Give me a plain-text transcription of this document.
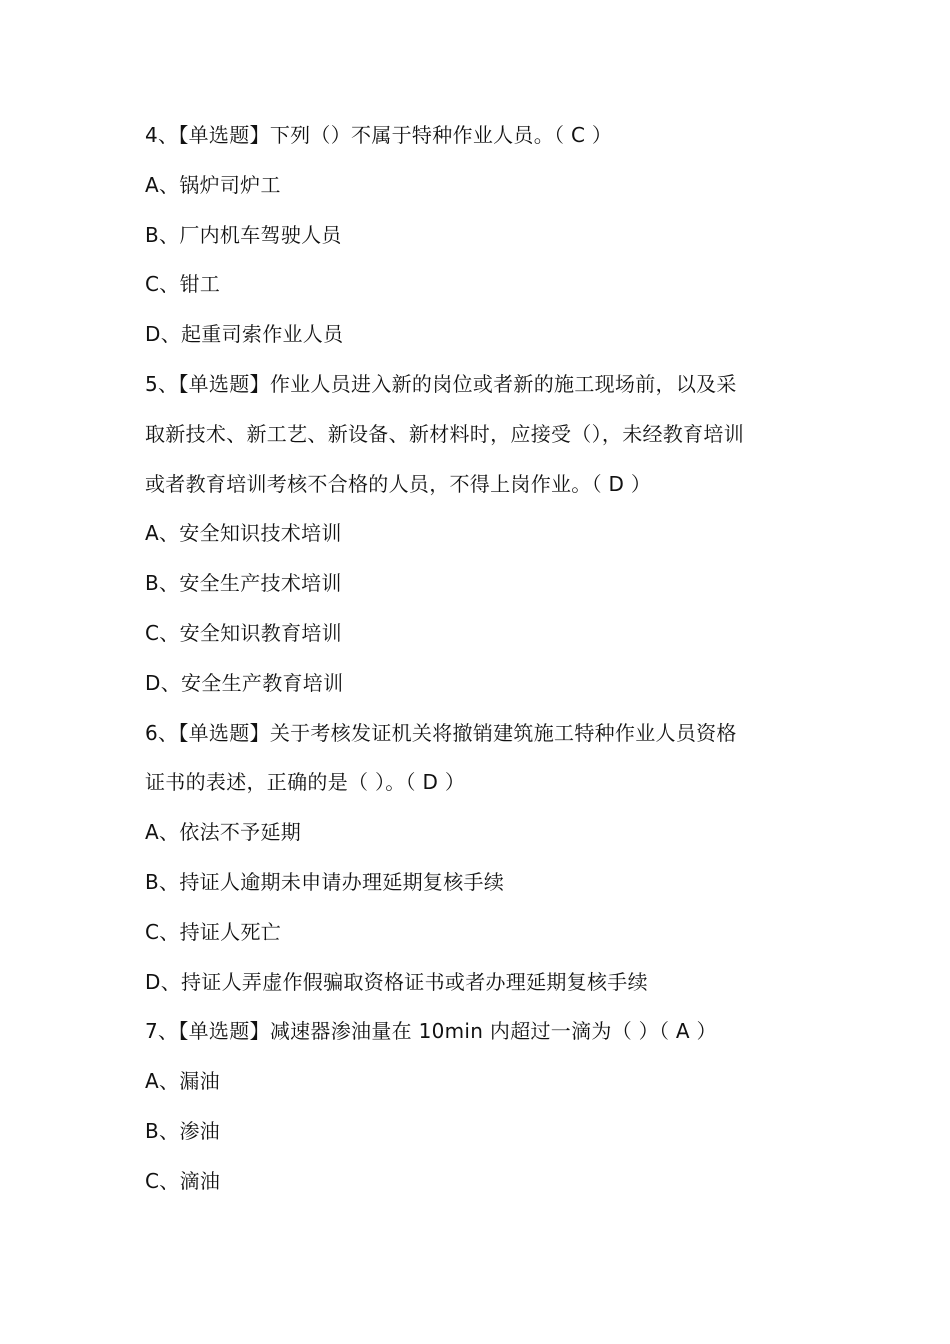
4、【单选题】下列（）不属于特种作业人员。（ C ）
A、锅炉司炉工
B、厂内机车驾驶人员
C、钳工
D、起重司索作业人员
5、【单选题】作业人员进入新的岗位或者新的施工现场前，以及采
取新技术、新工艺、新设备、新材料时，应接受（），未经教育培训
或者教育培训考核不合格的人员，不得上岗作业。（ D ）
A、安全知识技术培训
B、安全生产技术培训
C、安全知识教育培训
D、安全生产教育培训
6、【单选题】关于考核发证机关将撤销建筑施工特种作业人员资格
证书的表述，正确的是（ ）。（ D ）
A、依法不予延期
B、持证人逾期未申请办理延期复核手续
C、持证人死亡
D、持证人弄虚作假骗取资格证书或者办理延期复核手续
7、【单选题】减速器渗油量在 10min 内超过一滴为（ ）（ A ）
A、漏油
B、渗油
C、滴油
